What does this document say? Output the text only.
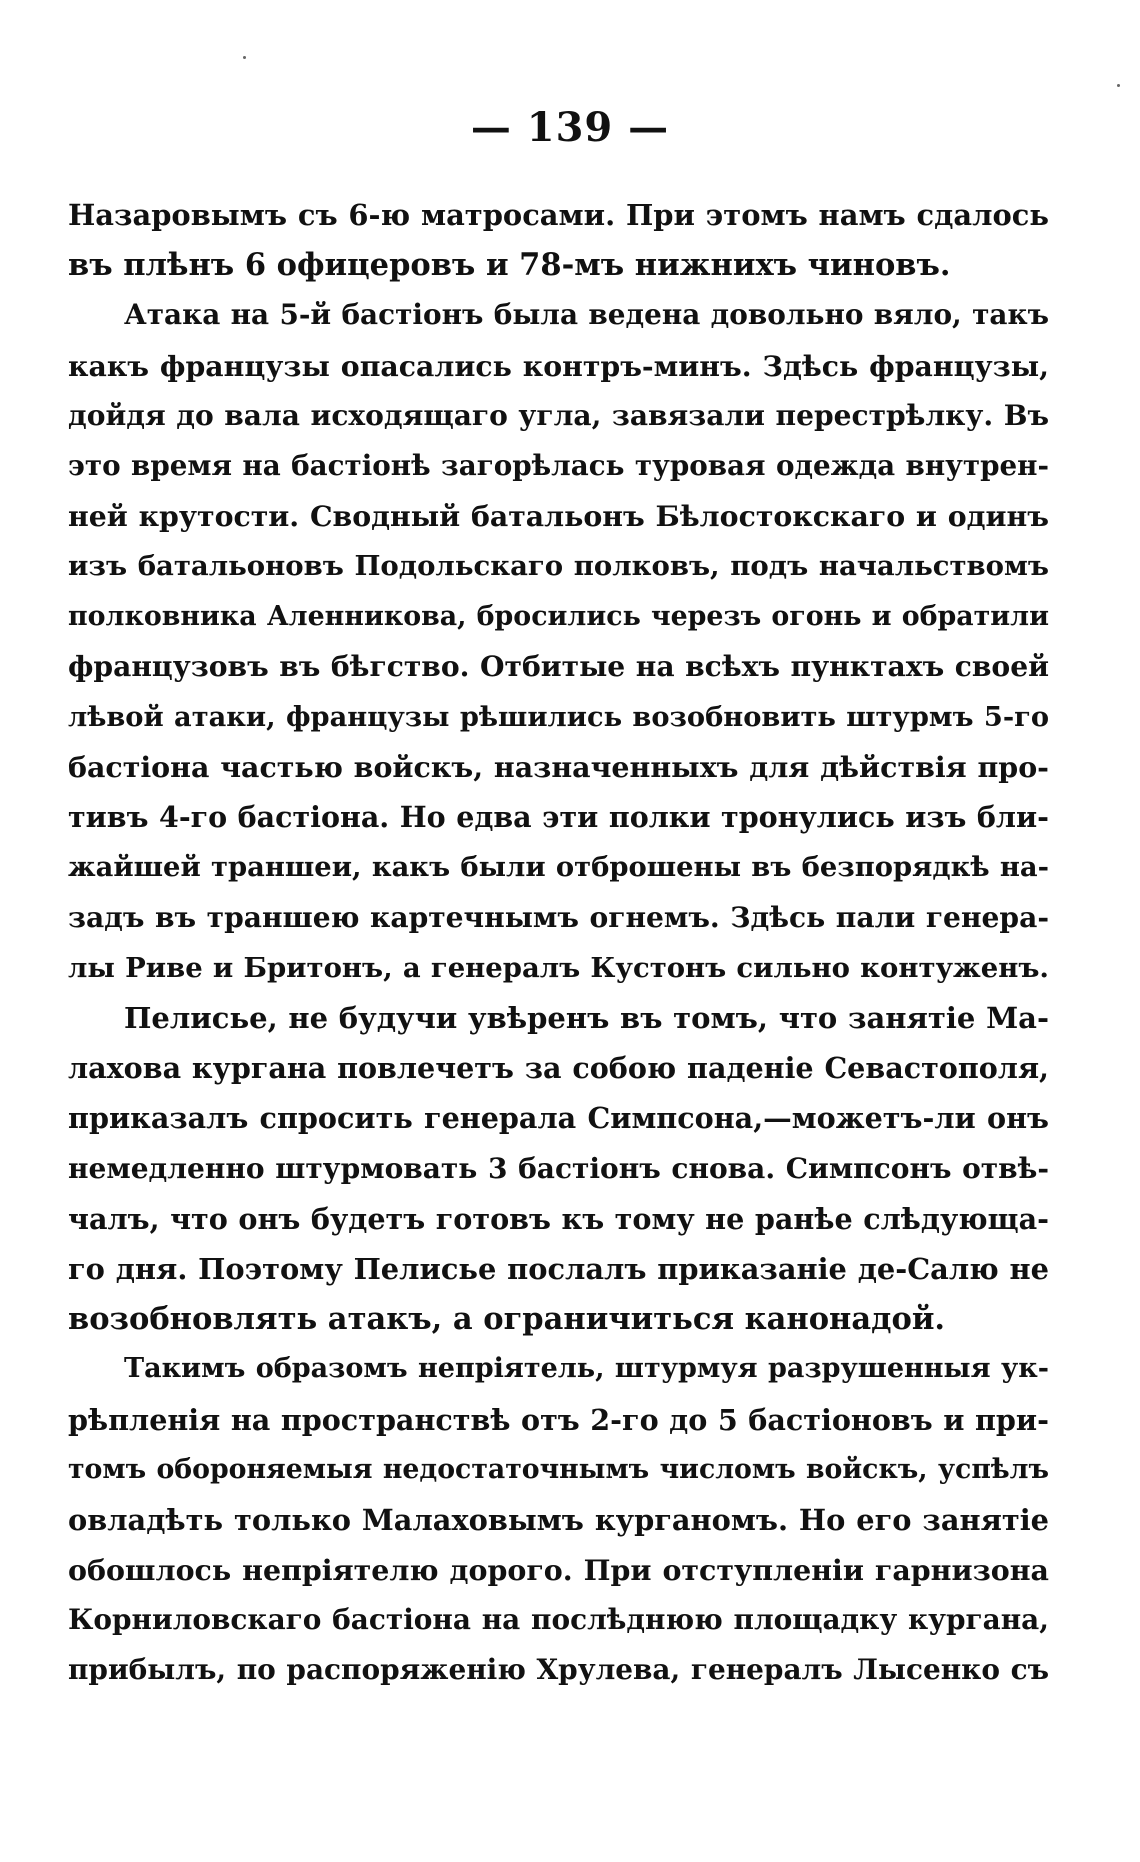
— 139 —
Назаровымъ съ 6-ю матросами. При этомъ намъ сдалось
въ плѣнъ 6 офицеровъ и 78-мъ нижнихъ чиновъ.
Атака на 5-й бастіонъ была ведена довольно вяло, такъ
какъ французы опасались контръ-минъ. Здѣсь французы,
дойдя до вала исходящаго угла, завязали перестрѣлку. Въ
это время на бастіонѣ загорѣлась туровая одежда внутрен-
ней крутости. Сводный батальонъ Бѣлостокскаго и одинъ
изъ батальоновъ Подольскаго полковъ, подъ начальствомъ
полковника Аленникова, бросились черезъ огонь и обратили
французовъ въ бѣгство. Отбитые на всѣхъ пунктахъ своей
лѣвой атаки, французы рѣшились возобновить штурмъ 5-го
бастіона частью войскъ, назначенныхъ для дѣйствія про-
тивъ 4-го бастіона. Но едва эти полки тронулись изъ бли-
жайшей траншеи, какъ были отброшены въ безпорядкѣ на-
задъ въ траншею картечнымъ огнемъ. Здѣсь пали генера-
лы Риве и Бритонъ, а генералъ Кустонъ сильно контуженъ.
Пелисье, не будучи увѣренъ въ томъ, что занятіе Ма-
лахова кургана повлечетъ за собою паденіе Севастополя,
приказалъ спросить генерала Симпсона,—можетъ-ли онъ
немедленно штурмовать 3 бастіонъ снова. Симпсонъ отвѣ-
чалъ, что онъ будетъ готовъ къ тому не ранѣе слѣдующа-
го дня. Поэтому Пелисье послалъ приказаніе де-Салю не
возобновлять атакъ, а ограничиться канонадой.
Такимъ образомъ непріятель, штурмуя разрушенныя ук-
рѣпленія на пространствѣ отъ 2-го до 5 бастіоновъ и при-
томъ обороняемыя недостаточнымъ числомъ войскъ, успѣлъ
овладѣть только Малаховымъ курганомъ. Но его занятіе
обошлось непріятелю дорого. При отступленіи гарнизона
Корниловскаго бастіона на послѣднюю площадку кургана,
прибылъ, по распоряженію Хрулева, генералъ Лысенко съ
